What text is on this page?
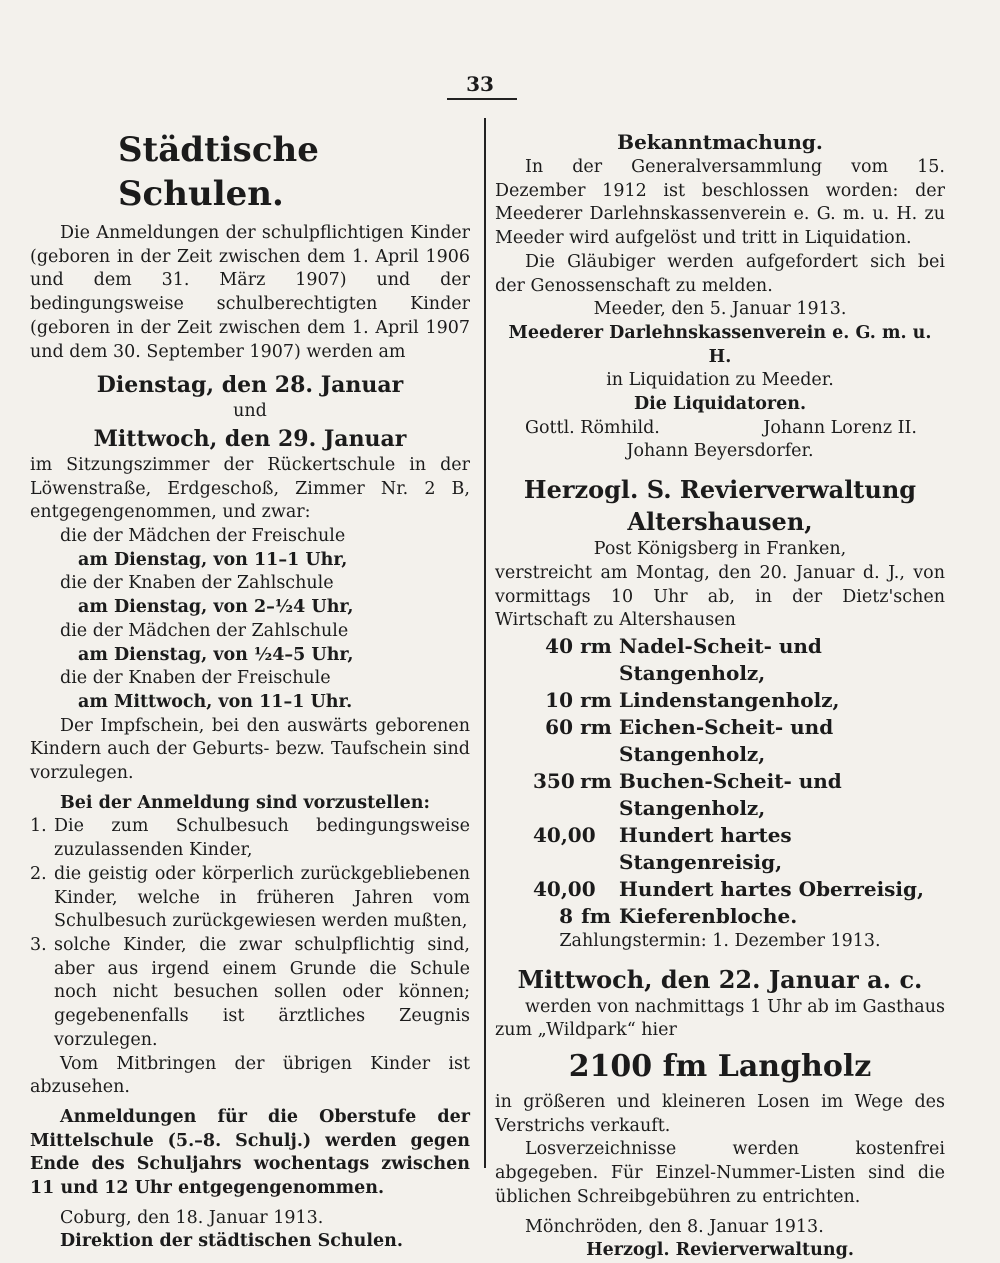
33
Städtische Schulen.

Die Anmeldungen der schulpflichtigen Kinder (geboren in der Zeit zwischen dem 1. April 1906 und dem 31. März 1907) und der bedingungsweise schulberechtigten Kinder (geboren in der Zeit zwischen dem 1. April 1907 und dem 30. September 1907) werden am

Dienstag, den 28. Januar

und

Mittwoch, den 29. Januar

im Sitzungszimmer der Rückertschule in der Löwenstraße, Erdgeschoß, Zimmer Nr. 2 B, entgegengenommen, und zwar:

die der Mädchen der Freischule
am Dienstag, von 11–1 Uhr,
die der Knaben der Zahlschule
am Dienstag, von 2–½4 Uhr,
die der Mädchen der Zahlschule
am Dienstag, von ½4–5 Uhr,
die der Knaben der Freischule
am Mittwoch, von 11–1 Uhr.

Der Impfschein, bei den auswärts geborenen Kindern auch der Geburts- bezw. Taufschein sind vorzulegen.

Bei der Anmeldung sind vorzustellen:

1. Die zum Schulbesuch bedingungsweise zuzulassenden Kinder,
2. die geistig oder körperlich zurückgebliebenen Kinder, welche in früheren Jahren vom Schulbesuch zurückgewiesen werden mußten,
3. solche Kinder, die zwar schulpflichtig sind, aber aus irgend einem Grunde die Schule noch nicht besuchen sollen oder können; gegebenenfalls ist ärztliches Zeugnis vorzulegen.

Vom Mitbringen der übrigen Kinder ist abzusehen.

Anmeldungen für die Oberstufe der Mittelschule (5.–8. Schulj.) werden gegen Ende des Schuljahrs wochentags zwischen 11 und 12 Uhr entgegengenommen.

Coburg, den 18. Januar 1913.

Direktion der städtischen Schulen.

Bekanntmachung.

In der Generalversammlung vom 15. Dezember 1912 ist beschlossen worden: der Meederer Darlehnskassenverein e. G. m. u. H. zu Meeder wird aufgelöst und tritt in Liquidation.

Die Gläubiger werden aufgefordert sich bei der Genossenschaft zu melden.

Meeder, den 5. Januar 1913.

Meederer Darlehnskassenverein e. G. m. u. H.

in Liquidation zu Meeder.

Die Liquidatoren.

Gottl. Römhild.	Johann Lorenz II.

Johann Beyersdorfer.

Herzogl. S. Revierverwaltung Altershausen,

Post Königsberg in Franken,

verstreicht am Montag, den 20. Januar d. J., von vormittags 10 Uhr ab, in der Dietz'schen Wirtschaft zu Altershausen

40 rm Nadel-Scheit- und Stangenholz,
10 rm Lindenstangenholz,
60 rm Eichen-Scheit- und Stangenholz,
350 rm Buchen-Scheit- und Stangenholz,
40,00 Hundert hartes Stangenreisig,
40,00 Hundert hartes Oberreisig,
8 fm Kieferenbloche.

Zahlungstermin: 1. Dezember 1913.

Mittwoch, den 22. Januar a. c.

werden von nachmittags 1 Uhr ab im Gasthaus zum „Wildpark“ hier

2100 fm Langholz

in größeren und kleineren Losen im Wege des Verstrichs verkauft.

Losverzeichnisse werden kostenfrei abgegeben. Für Einzel-Nummer-Listen sind die üblichen Schreibgebühren zu entrichten.

Mönchröden, den 8. Januar 1913.

Herzogl. Revierverwaltung.
